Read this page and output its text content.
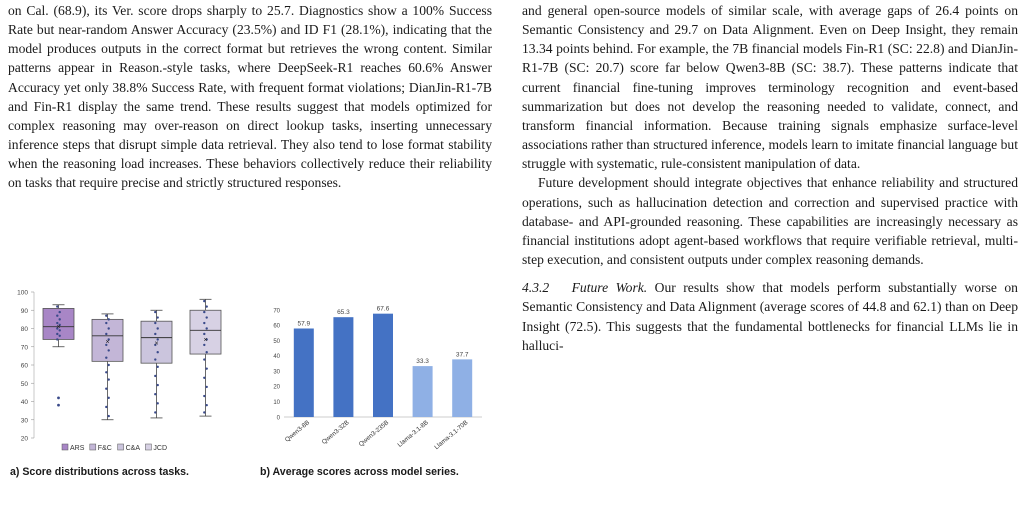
on Cal. (68.9), its Ver. score drops sharply to 25.7. Diagnostics show a 100% Success Rate but near-random Answer Accuracy (23.5%) and ID F1 (28.1%), indicating that the model produces outputs in the correct format but retrieves the wrong content. Similar patterns appear in Reason.-style tasks, where DeepSeek-R1 reaches 60.6% Answer Accuracy yet only 38.8% Success Rate, with frequent format violations; DianJin-R1-7B and Fin-R1 display the same trend. These results suggest that models optimized for complex reasoning may over-reason on direct lookup tasks, inserting unnecessary inference steps that disrupt simple data retrieval. They also tend to lose format stability when the reasoning load increases. These behaviors collectively reduce their reliability on tasks that require precise and strictly structured responses.

20
30
40
50
60
70
80
90
100
×
×	×
×
ARS F&C C&A JCD
0
10
20
30
40
50
60
70
57.9
Qwen3-8B
65.3
Qwen3-32B
67.6
Qwen3-235B
33.3
Llama-3.1-8B
37.7
Llama-3.1-70B
a) Score distributions across tasks.	b) Average scores across model series.

and general open-source models of similar scale, with average gaps of 26.4 points on Semantic Consistency and 29.7 on Data Alignment. Even on Deep Insight, they remain 13.34 points behind. For example, the 7B financial models Fin-R1 (SC: 22.8) and DianJin-R1-7B (SC: 20.7) score far below Qwen3-8B (SC: 38.7). These patterns indicate that current financial fine-tuning improves terminology recognition and event-based summarization but does not develop the reasoning needed to validate, connect, and transform financial information. Because training signals emphasize surface-level associations rather than structured inference, models learn to imitate financial language but struggle with systematic, rule-consistent manipulation of data.

Future development should integrate objectives that enhance reliability and structured operations, such as hallucination detection and correction and supervised practice with database- and API-grounded reasoning. These capabilities are increasingly necessary as financial institutions adopt agent-based workflows that require verifiable retrieval, multi-step execution, and consistent outputs under complex reasoning demands.

4.3.2 Future Work. Our results show that models perform substantially worse on Semantic Consistency and Data Alignment (average scores of 44.8 and 62.1) than on Deep Insight (72.5). This suggests that the fundamental bottlenecks for financial LLMs lie in halluci-
